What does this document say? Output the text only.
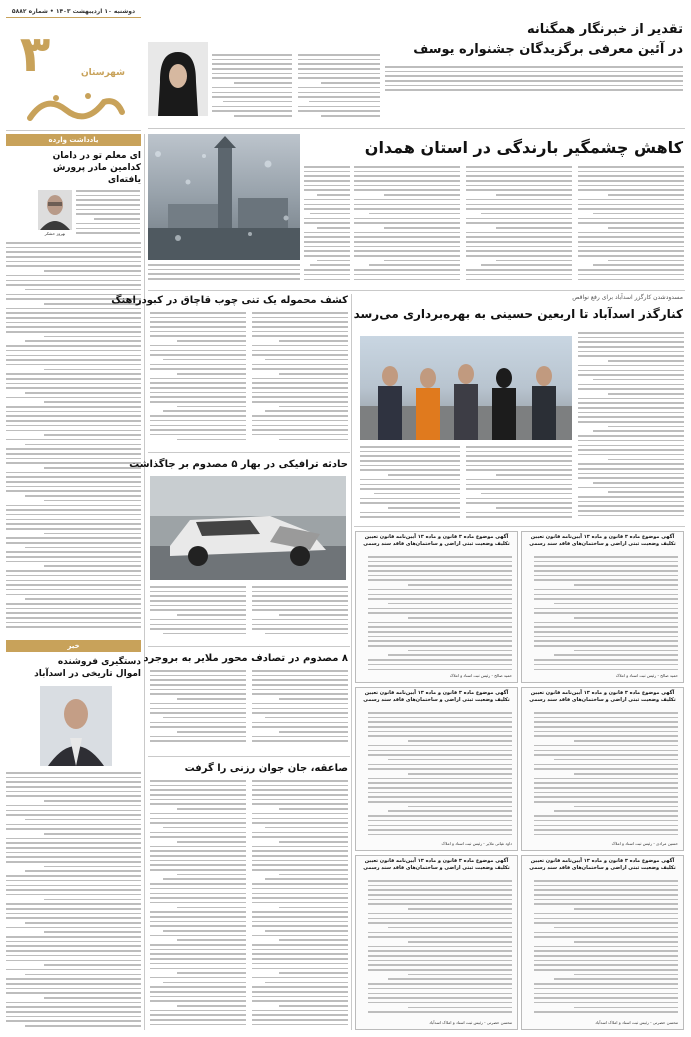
دوشنبه ۱۰ اردیبهشت ۱۴۰۳ • شماره ۵۸۸۲
۳	شهرستان
تقدیر از خبرنگار همگنانه
در آئین معرفی برگزیدگان جشنواره یوسف
کاهش چشمگیر بارندگی در استان همدان
یادداشت وارده
ای معلم تو در دامان
کدامین مادر پرورش
یافته‌ای
بهروز حشکر
خبر
دستگیری فروشنده
اموال تاریخی در اسدآباد
مسدودشدن کارگزر اسدآباد برای رفع نواقص
کنارگذر اسدآباد تا اربعین حسینی به بهره‌برداری می‌رسد
کشف محموله یک تنی چوب قاچاق در کبودراهنگ
حادثه ترافیکی در بهار ۵ مصدوم بر جاگذاشت
۸ مصدوم در تصادف محور ملایر به بروجرد
صاعقه، جان جوان رزنی را گرفت
آگهی موضوع ماده ۳ قانون و ماده ۱۳ آیین‌نامه قانون تعیین تکلیف وضعیت ثبتی اراضی و ساختمان‌های فاقد سند رسمی
حمید صالح - رئیس ثبت اسناد و املاک
آگهی موضوع ماده ۳ قانون و ماده ۱۳ آیین‌نامه قانون تعیین تکلیف وضعیت ثبتی اراضی و ساختمان‌های فاقد سند رسمی
حمید صالح - رئیس ثبت اسناد و املاک
آگهی موضوع ماده ۳ قانون و ماده ۱۳ آیین‌نامه قانون تعیین تکلیف وضعیت ثبتی اراضی و ساختمان‌های فاقد سند رسمی
حسین مرادی - رئیس ثبت اسناد و املاک
آگهی موضوع ماده ۳ قانون و ماده ۱۳ آیین‌نامه قانون تعیین تکلیف وضعیت ثبتی اراضی و ساختمان‌های فاقد سند رسمی
داود غیاثی ملایر - رئیس ثبت اسناد و املاک
آگهی موضوع ماده ۳ قانون و ماده ۱۳ آیین‌نامه قانون تعیین تکلیف وضعیت ثبتی اراضی و ساختمان‌های فاقد سند رسمی
محسن حضرتی - رئیس ثبت اسناد و املاک اسدآباد
آگهی موضوع ماده ۳ قانون و ماده ۱۳ آیین‌نامه قانون تعیین تکلیف وضعیت ثبتی اراضی و ساختمان‌های فاقد سند رسمی
محسن حضرتی - رئیس ثبت اسناد و املاک اسدآباد
